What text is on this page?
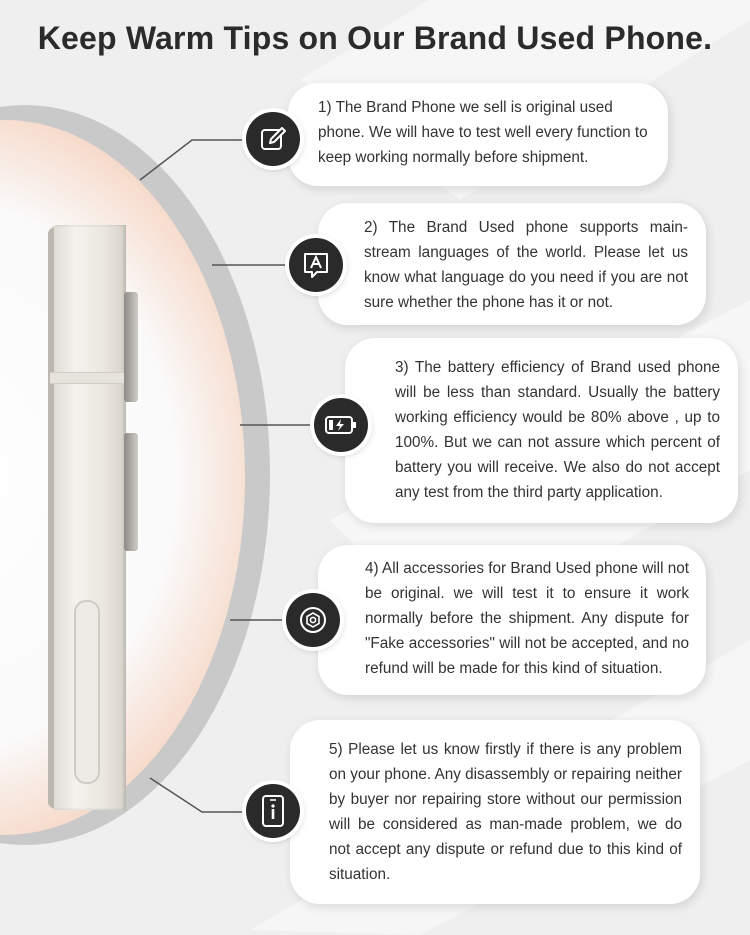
Keep Warm Tips on Our Brand Used Phone.

1) The Brand Phone we sell is original used phone. We will have to test well every function to keep working normally before shipment.

2) The Brand Used phone supports main-stream languages of the world. Please let us know what language do you need if you are not sure whether the phone has it or not.

3) The battery efficiency of Brand used phone will be less than standard. Usually the battery working efficiency would be 80% above , up to 100%. But we can not assure which percent of battery you will receive. We also do not accept any test from the third party application.

4) All accessories for Brand Used phone will not be original. we will test it to ensure it work normally before the shipment. Any dispute for "Fake accessories" will not be accepted, and no refund will be made for this kind of situation.

5) Please let us know firstly if there is any problem on your phone. Any disassembly or repairing neither by buyer nor repairing store without our permission will be considered as man-made problem, we do not accept any dispute or refund due to this kind of situation.
